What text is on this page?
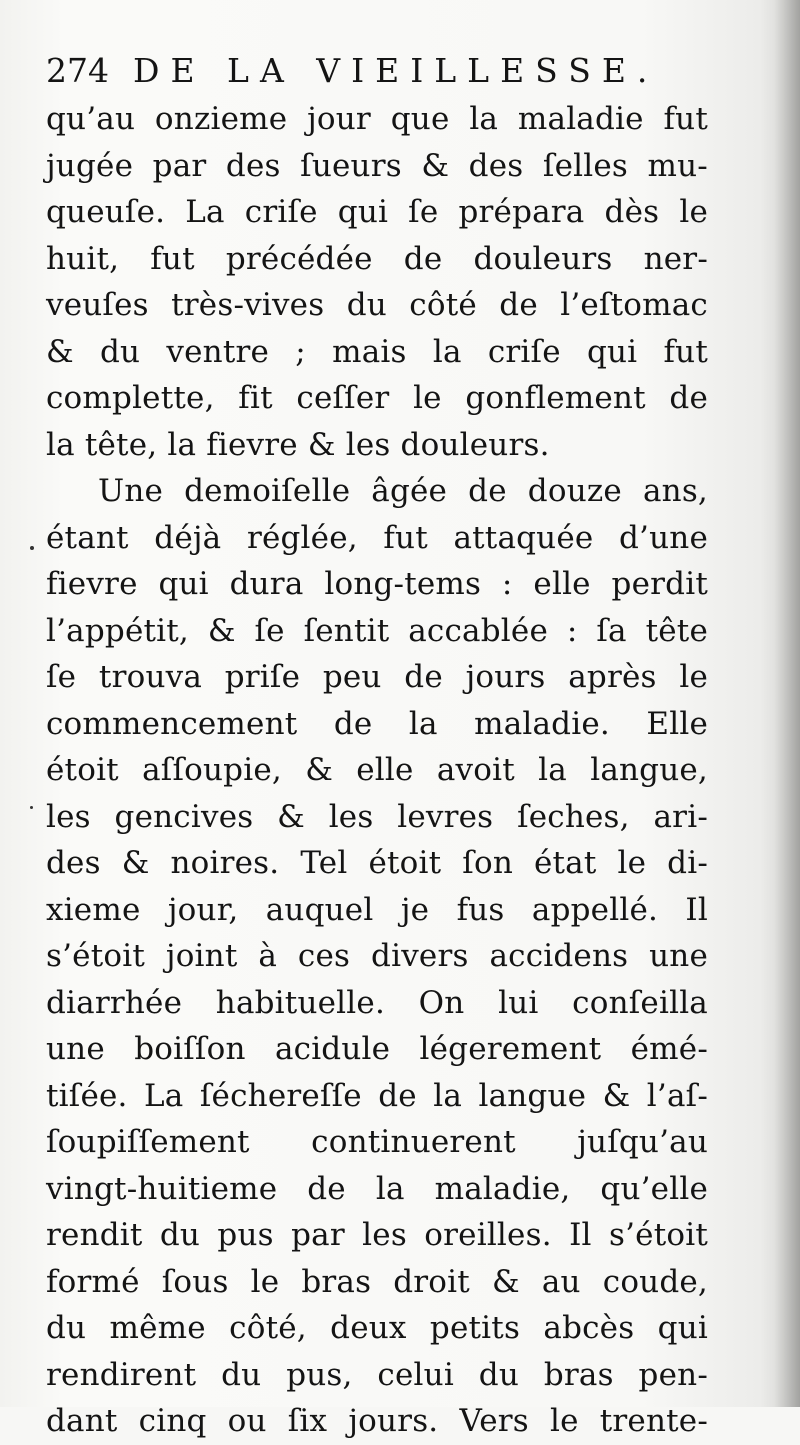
274 DE LA VIEILLESSE.
qu’au onzieme jour que la maladie fut
jugée par des ſueurs & des ſelles mu-
queuſe. La criſe qui ſe prépara dès le
huit, fut précédée de douleurs ner-
veuſes très-vives du côté de l’eſtomac
& du ventre ; mais la criſe qui fut
complette, fit ceſſer le gonflement de
la tête, la fievre & les douleurs.
Une demoiſelle âgée de douze ans,
étant déjà réglée, fut attaquée d’une
fievre qui dura long-tems : elle perdit
l’appétit, & ſe ſentit accablée : ſa tête
ſe trouva priſe peu de jours après le
commencement de la maladie. Elle
étoit aſſoupie, & elle avoit la langue,
les gencives & les levres ſeches, ari-
des & noires. Tel étoit ſon état le di-
xieme jour, auquel je fus appellé. Il
s’étoit joint à ces divers accidens une
diarrhée habituelle. On lui conſeilla
une boiſſon acidule légerement émé-
tiſée. La ſéchereſſe de la langue & l’aſ-
ſoupiſſement continuerent juſqu’au
vingt-huitieme de la maladie, qu’elle
rendit du pus par les oreilles. Il s’étoit
formé ſous le bras droit & au coude,
du même côté, deux petits abcès qui
rendirent du pus, celui du bras pen-
dant cinq ou ſix jours. Vers le trente-
